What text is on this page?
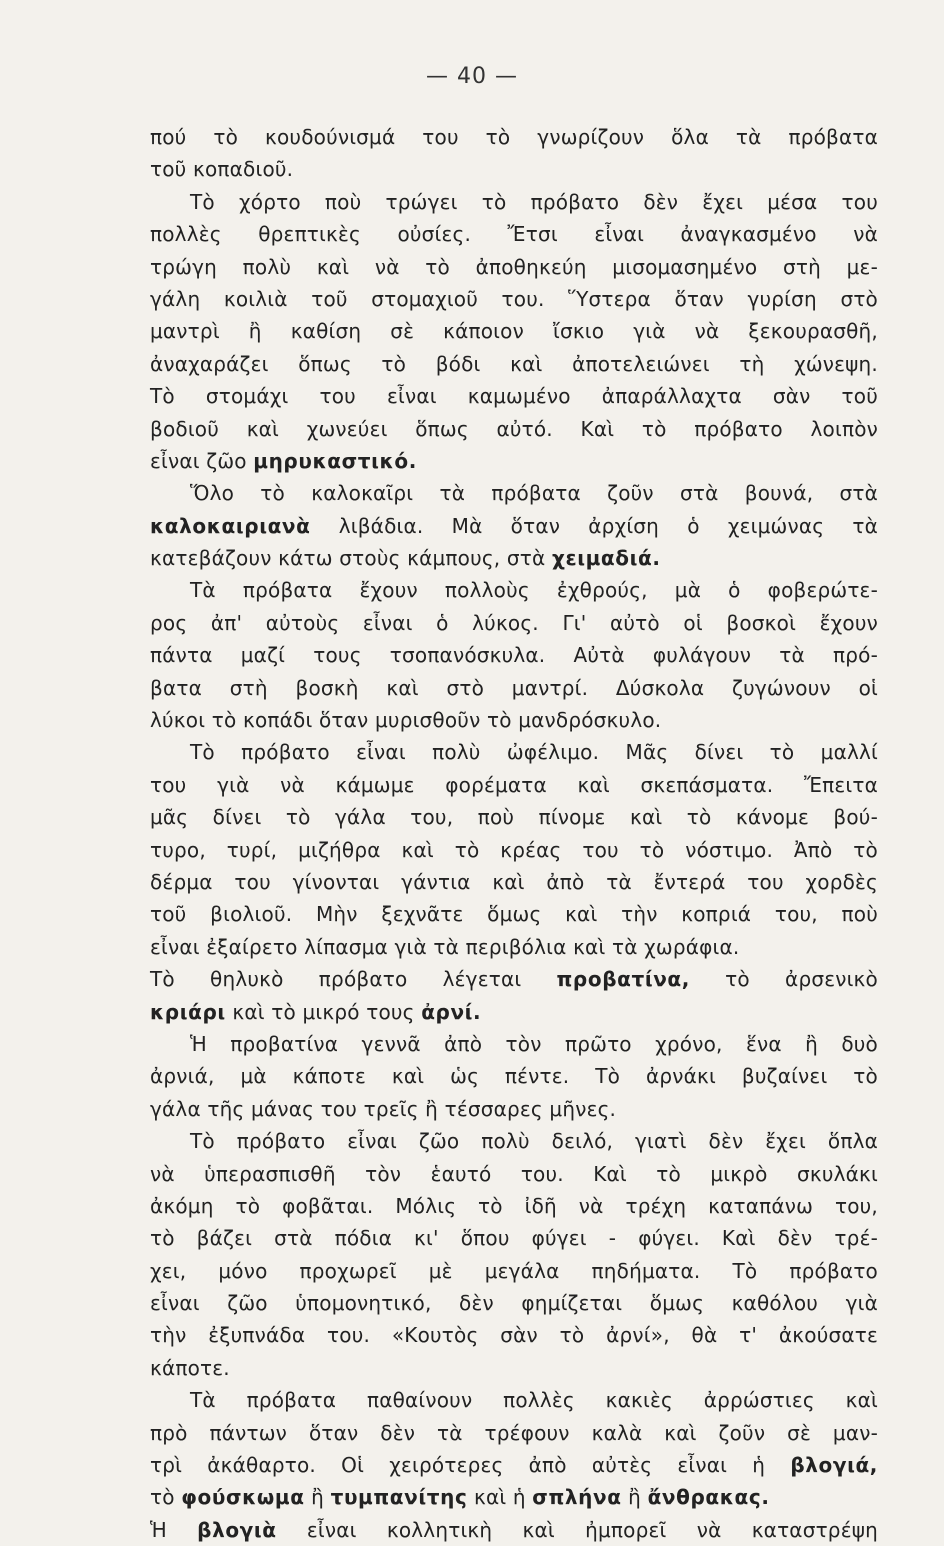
— 40 —
πού τὸ κουδούνισμά του τὸ γνωρίζουν ὅλα τὰ πρόβατα
τοῦ κοπαδιοῦ.
Τὸ χόρτο ποὺ τρώγει τὸ πρόβατο δὲν ἔχει μέσα του
πολλὲς θρεπτικὲς οὐσίες. Ἔτσι εἶναι ἀναγκασμένο νὰ
τρώγη πολὺ καὶ νὰ τὸ ἀποθηκεύη μισομασημένο στὴ με-
γάλη κοιλιὰ τοῦ στομαχιοῦ του. Ὕστερα ὅταν γυρίση στὸ
μαντρὶ ἢ καθίση σὲ κάποιον ἴσκιο γιὰ νὰ ξεκουρασθῆ,
ἀναχαράζει ὅπως τὸ βόδι καὶ ἀποτελειώνει τὴ χώνεψη.
Τὸ στομάχι του εἶναι καμωμένο ἀπαράλλαχτα σὰν τοῦ
βοδιοῦ καὶ χωνεύει ὅπως αὐτό. Καὶ τὸ πρόβατο λοιπὸν
εἶναι ζῶο μηρυκαστικό.
Ὅλο τὸ καλοκαῖρι τὰ πρόβατα ζοῦν στὰ βουνά, στὰ
καλοκαιριανὰ λιβάδια. Μὰ ὅταν ἀρχίση ὁ χειμώνας τὰ
κατεβάζουν κάτω στοὺς κάμπους, στὰ χειμαδιά.
Τὰ πρόβατα ἔχουν πολλοὺς ἐχθρούς, μὰ ὁ φοβερώτε-
ρος ἀπ' αὐτοὺς εἶναι ὁ λύκος. Γι' αὐτὸ οἱ βοσκοὶ ἔχουν
πάντα μαζί τους τσοπανόσκυλα. Αὐτὰ φυλάγουν τὰ πρό-
βατα στὴ βοσκὴ καὶ στὸ μαντρί. Δύσκολα ζυγώνουν οἱ
λύκοι τὸ κοπάδι ὅταν μυρισθοῦν τὸ μανδρόσκυλο.
Τὸ πρόβατο εἶναι πολὺ ὠφέλιμο. Μᾶς δίνει τὸ μαλλί
του γιὰ νὰ κάμωμε φορέματα καὶ σκεπάσματα. Ἔπειτα
μᾶς δίνει τὸ γάλα του, ποὺ πίνομε καὶ τὸ κάνομε βού-
τυρο, τυρί, μιζήθρα καὶ τὸ κρέας του τὸ νόστιμο. Ἀπὸ τὸ
δέρμα του γίνονται γάντια καὶ ἀπὸ τὰ ἔντερά του χορδὲς
τοῦ βιολιοῦ. Μὴν ξεχνᾶτε ὅμως καὶ τὴν κοπριά του, ποὺ
εἶναι ἐξαίρετο λίπασμα γιὰ τὰ περιβόλια καὶ τὰ χωράφια.
Τὸ θηλυκὸ πρόβατο λέγεται προβατίνα, τὸ ἀρσενικὸ
κριάρι καὶ τὸ μικρό τους ἀρνί.
Ἡ προβατίνα γεννᾶ ἀπὸ τὸν πρῶτο χρόνο, ἕνα ἢ δυὸ
ἀρνιά, μὰ κάποτε καὶ ὡς πέντε. Τὸ ἀρνάκι βυζαίνει τὸ
γάλα τῆς μάνας του τρεῖς ἢ τέσσαρες μῆνες.
Τὸ πρόβατο εἶναι ζῶο πολὺ δειλό, γιατὶ δὲν ἔχει ὅπλα
νὰ ὑπερασπισθῆ τὸν ἑαυτό του. Καὶ τὸ μικρὸ σκυλάκι
ἀκόμη τὸ φοβᾶται. Μόλις τὸ ἰδῆ νὰ τρέχη καταπάνω του,
τὸ βάζει στὰ πόδια κι' ὅπου φύγει - φύγει. Καὶ δὲν τρέ-
χει, μόνο προχωρεῖ μὲ μεγάλα πηδήματα. Τὸ πρόβατο
εἶναι ζῶο ὑπομονητικό, δὲν φημίζεται ὅμως καθόλου γιὰ
τὴν ἐξυπνάδα του. «Κουτὸς σὰν τὸ ἀρνί», θὰ τ' ἀκούσατε
κάποτε.
Τὰ πρόβατα παθαίνουν πολλὲς κακιὲς ἀρρώστιες καὶ
πρὸ πάντων ὅταν δὲν τὰ τρέφουν καλὰ καὶ ζοῦν σὲ μαν-
τρὶ ἀκάθαρτο. Οἱ χειρότερες ἀπὸ αὐτὲς εἶναι ἡ βλογιά,
τὸ φούσκωμα ἢ τυμπανίτης καὶ ἡ σπλήνα ἢ ἄνθρακας.
Ἡ βλογιὰ εἶναι κολλητικὴ καὶ ἠμπορεῖ νὰ καταστρέψη
